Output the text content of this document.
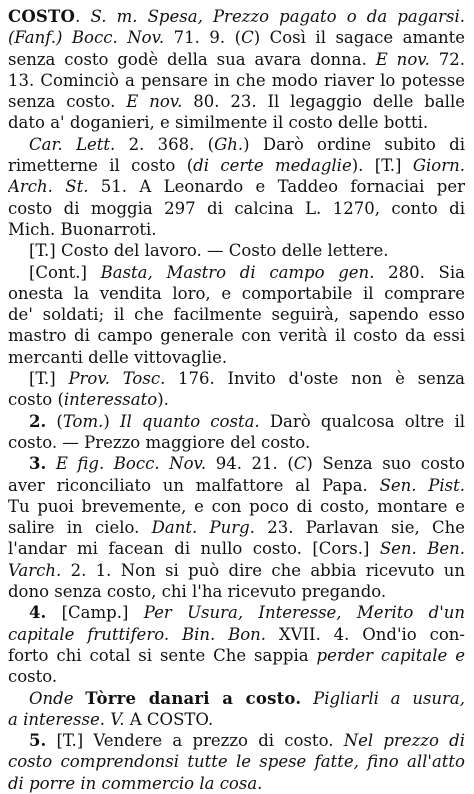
COSTO. S. m. Spesa, Prezzo pagato o da pagarsi.
(Fanf.) Bocc. Nov. 71. 9. (C) Così il sagace amante
senza costo godè della sua avara donna. E nov. 72.
13. Cominciò a pensare in che modo riaver lo potesse
senza costo. E nov. 80. 23. Il legaggio delle balle
dato a' doganieri, e similmente il costo delle botti.
Car. Lett. 2. 368. (Gh.) Darò ordine subito di
rimetterne il costo (di certe medaglie). [T.] Giorn.
Arch. St. 51. A Leonardo e Taddeo fornaciai per
costo di moggia 297 di calcina L. 1270, conto di
Mich. Buonarroti.
[T.] Costo del lavoro. — Costo delle lettere.
[Cont.] Basta, Mastro di campo gen. 280. Sia
onesta la vendita loro, e comportabile il comprare
de' soldati; il che facilmente seguirà, sapendo esso
mastro di campo generale con verità il costo da essi
mercanti delle vittovaglie.
[T.] Prov. Tosc. 176. Invito d'oste non è senza
costo (interessato).
2. (Tom.) Il quanto costa. Darò qualcosa oltre il
costo. — Prezzo maggiore del costo.
3. E fig. Bocc. Nov. 94. 21. (C) Senza suo costo
aver riconciliato un malfattore al Papa. Sen. Pist.
Tu puoi brevemente, e con poco di costo, montare e
salire in cielo. Dant. Purg. 23. Parlavan sie, Che
l'andar mi facean di nullo costo. [Cors.] Sen. Ben.
Varch. 2. 1. Non si può dire che abbia ricevuto un
dono senza costo, chi l'ha ricevuto pregando.
4. [Camp.] Per Usura, Interesse, Merito d'un
capitale fruttifero. Bin. Bon. XVII. 4. Ond'io con-
forto chi cotal si sente Che sappia perder capitale e
costo.
Onde Tòrre danari a costo. Pigliarli a usura,
a interesse. V. A COSTO.
5. [T.] Vendere a prezzo di costo. Nel prezzo di
costo comprendonsi tutte le spese fatte, fino all'atto
di porre in commercio la cosa.
